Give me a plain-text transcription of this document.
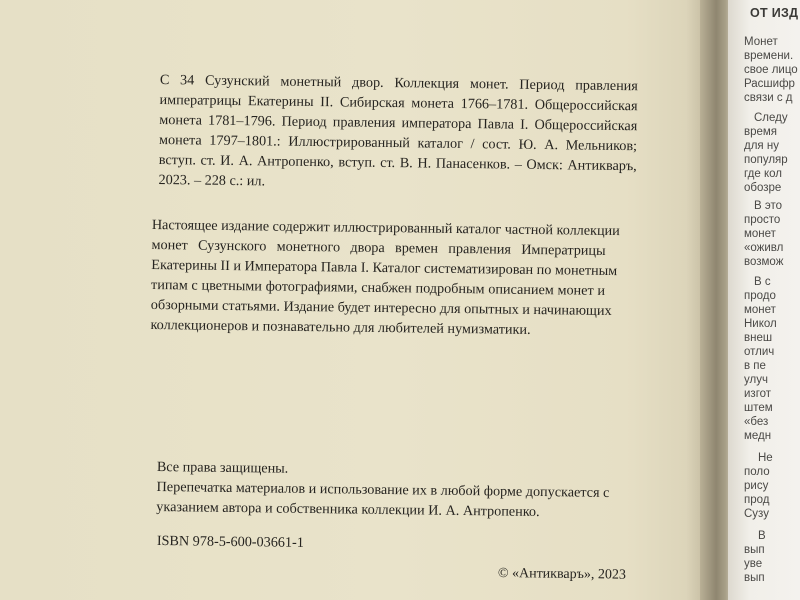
С 34 Сузунский монетный двор. Коллекция монет. Период правления
императрицы Екатерины II. Сибирская монета 1766–1781. Общероссийская
монета 1781–1796. Период правления императора Павла I. Общероссийская
монета 1797–1801.: Иллюстрированный каталог / сост. Ю. А. Мельников;
вступ. ст. И. А. Антропенко, вступ. ст. В. Н. Панасенков. – Омск: Антикваръ,
2023. – 228 с.: ил.
Настоящее издание содержит иллюстрированный каталог частной коллекции
монет Сузунского монетного двора времен правления Императрицы
Екатерины II и Императора Павла I. Каталог систематизирован по монетным
типам с цветными фотографиями, снабжен подробным описанием монет и
обзорными статьями. Издание будет интересно для опытных и начинающих
коллекционеров и познавательно для любителей нумизматики.
Все права защищены.
Перепечатка материалов и использование их в любой форме допускается с
указанием автора и собственника коллекции И. А. Антропенко.
ISBN 978-5-600-03661-1
© «Антикваръ», 2023
ОТ ИЗД
Монет
времени.
свое лицо
Расшифр
связи с д
Следу
время
для ну
популяр
где кол
обозре
В это
просто
монет
«оживл
возмож
В с
продо
монет
Никол
внеш
отлич
в пе
улуч
изгот
штем
«без
медн
Не
поло
рису
прод
Сузу
В
вып
уве
вып
